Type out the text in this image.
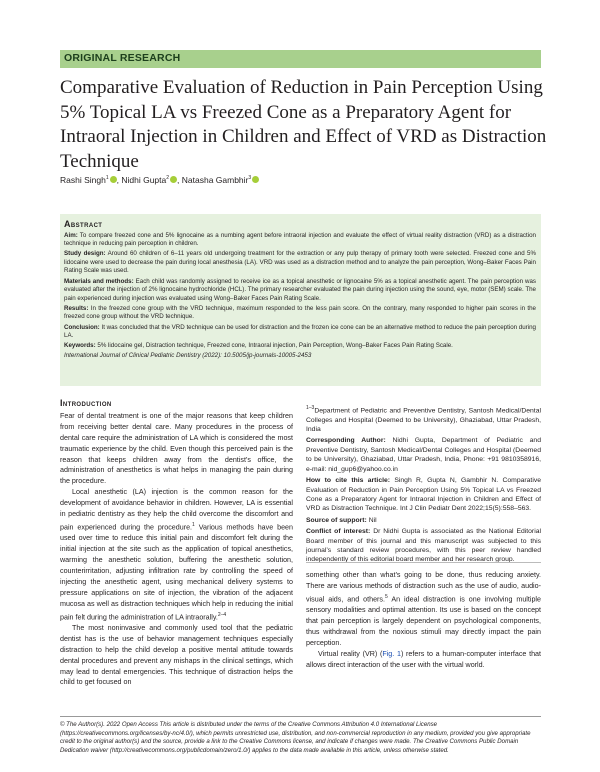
ORIGINAL RESEARCH
Comparative Evaluation of Reduction in Pain Perception Using 5% Topical LA vs Freezed Cone as a Preparatory Agent for Intraoral Injection in Children and Effect of VRD as Distraction Technique
Rashi Singh$^1$ , Nidhi Gupta$^2$ , Natasha Gambhir$^3$
Abstract

Aim: To compare freezed cone and 5% lignocaine as a numbing agent before intraoral injection and evaluate the effect of virtual reality distraction (VRD) as a distraction technique in reducing pain perception in children.

Study design: Around 60 children of 6–11 years old undergoing treatment for the extraction or any pulp therapy of primary tooth were selected. Freezed cone and 5% lidocaine were used to decrease the pain during local anesthesia (LA). VRD was used as a distraction method and to analyze the pain perception, Wong–Baker Faces Pain Rating Scale was used.

Materials and methods: Each child was randomly assigned to receive ice as a topical anesthetic or lignocaine 5% as a topical anesthetic agent. The pain perception was evaluated after the injection of 2% lignocaine hydrochloride (HCL). The primary researcher evaluated the pain during injection using the sound, eye, motor (SEM) scale. The pain experienced during injection was evaluated using Wong–Baker Faces Pain Rating Scale.

Results: In the freezed cone group with the VRD technique, maximum responded to the less pain score. On the contrary, many responded to higher pain scores in the freezed cone group without the VRD technique.

Conclusion: It was concluded that the VRD technique can be used for distraction and the frozen ice cone can be an alternative method to reduce the pain perception during LA.

Keywords: 5% lidocaine gel, Distraction technique, Freezed cone, Intraoral injection, Pain Perception, Wong–Baker Faces Pain Rating Scale.

International Journal of Clinical Pediatric Dentistry (2022): 10.5005/jp-journals-10005-2453

Introduction

Fear of dental treatment is one of the major reasons that keep children from receiving better dental care. Many procedures in the process of dental care require the administration of LA which is considered the most traumatic experience by the child. Even though this perceived pain is the reason that keeps children away from the dentist’s office, the administration of anesthetics is what helps in managing the pain during the procedure.

Local anesthetic (LA) injection is the common reason for the development of avoidance behavior in children. However, LA is essential in pediatric dentistry as they help the child overcome the discomfort and pain experienced during the procedure.$^1$ Various methods have been used over time to reduce this initial pain and discomfort felt during the initial injection at the site such as the application of topical anesthetics, warming the anesthetic solution, buffering the anesthetic solution, counterirritation, adjusting infiltration rate by controlling the speed of injecting the anesthetic agent, using mechanical delivery systems to pressure applications on site of injection, the vibration of the adjacent mucosa as well as distraction techniques which help in reducing the initial pain felt during the administration of LA intraorally.$^{2-4}$

The most noninvasive and commonly used tool that the pediatric dentist has is the use of behavior management techniques especially distraction to help the child develop a positive mental attitude towards dental procedures and prevent any mishaps in the clinical settings, which may lead to dental emergencies. This technique of distraction helps the child to get focused on

$^{1-3}$Department of Pediatric and Preventive Dentistry, Santosh Medical/Dental Colleges and Hospital (Deemed to be University), Ghaziabad, Uttar Pradesh, India

Corresponding Author: Nidhi Gupta, Department of Pediatric and Preventive Dentistry, Santosh Medical/Dental Colleges and Hospital (Deemed to be University), Ghaziabad, Uttar Pradesh, India, Phone: +91 9810358916, e-mail: nid_gup6@yahoo.co.in

How to cite this article: Singh R, Gupta N, Gambhir N. Comparative Evaluation of Reduction in Pain Perception Using 5% Topical LA vs Freezed Cone as a Preparatory Agent for Intraoral Injection in Children and Effect of VRD as Distraction Technique. Int J Clin Pediatr Dent 2022;15(5):558–563.

Source of support: Nil

Conflict of interest: Dr Nidhi Gupta is associated as the National Editorial Board member of this journal and this manuscript was subjected to this journal’s standard review procedures, with this peer review handled independently of this editorial board member and her research group.

something other than what’s going to be done, thus reducing anxiety. There are various methods of distraction such as the use of audio, audio-visual aids, and others.$^5$ An ideal distraction is one involving multiple sensory modalities and optimal attention. Its use is based on the concept that pain perception is largely dependent on psychological components, thus withdrawal from the noxious stimuli may directly impact the pain perception.

Virtual reality (VR) (Fig. 1) refers to a human-computer interface that allows direct interaction of the user with the virtual world.

© The Author(s). 2022 Open Access This article is distributed under the terms of the Creative Commons Attribution 4.0 International License (https://creativecommons.org/licenses/by-nc/4.0/), which permits unrestricted use, distribution, and non-commercial reproduction in any medium, provided you give appropriate credit to the original author(s) and the source, provide a link to the Creative Commons license, and indicate if changes were made. The Creative Commons Public Domain Dedication waiver (http://creativecommons.org/publicdomain/zero/1.0/) applies to the data made available in this article, unless otherwise stated.
